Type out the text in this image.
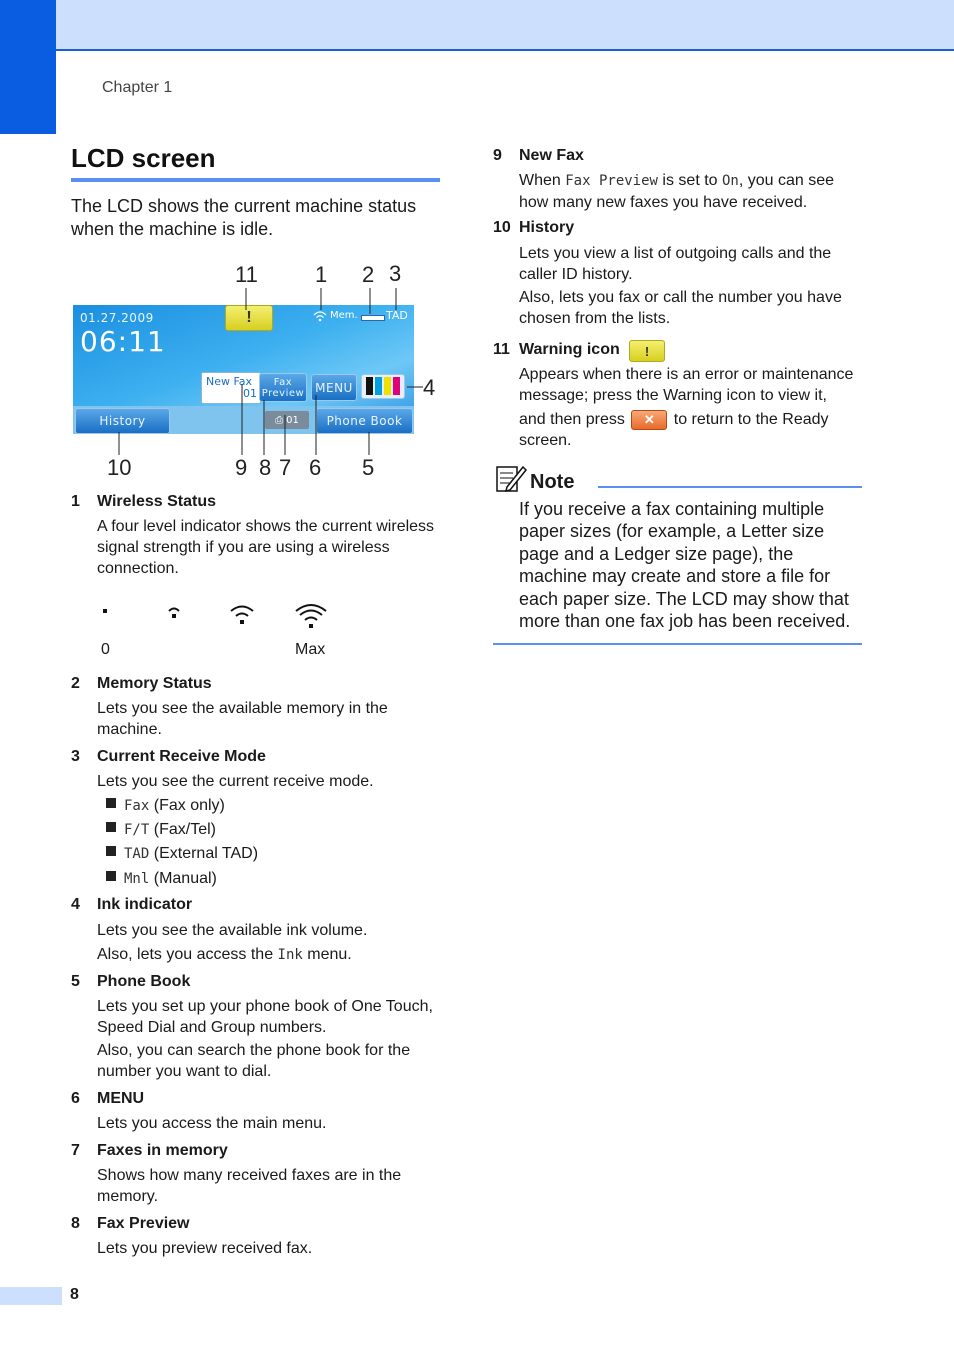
Chapter 1
LCD screen
The LCD shows the current machine status when the machine is idle.
01.27.2009
06:11
!	Mem.	TAD
New Fax
01
Fax
Preview MENU
History	⎙ 01	Phone Book
11	1 2 3
4
10	9 8 7 6 5
1 Wireless Status
A four level indicator shows the current wireless signal strength if you are using a wireless connection.
0	Max
2 Memory Status
Lets you see the available memory in the machine.
3 Current Receive Mode
Lets you see the current receive mode.
Fax (Fax only)
F/T (Fax/Tel)
TAD (External TAD)
Mnl (Manual)
4 Ink indicator
Lets you see the available ink volume.
Also, lets you access the Ink menu.
5 Phone Book
Lets you set up your phone book of One Touch, Speed Dial and Group numbers.
Also, you can search the phone book for the number you want to dial.
6 MENU
Lets you access the main menu.
7 Faxes in memory
Shows how many received faxes are in the memory.
8 Fax Preview
Lets you preview received fax.
9 New Fax
When Fax Preview is set to On, you can see how many new faxes you have received.
10 History
Lets you view a list of outgoing calls and the caller ID history.
Also, lets you fax or call the number you have chosen from the lists.
11 Warning icon	!
Appears when there is an error or maintenance message; press the Warning icon to view it,
and then press ✕ to return to the Ready screen.
Note
If you receive a fax containing multiple paper sizes (for example, a Letter size page and a Ledger size page), the machine may create and store a file for each paper size. The LCD may show that more than one fax job has been received.
8
